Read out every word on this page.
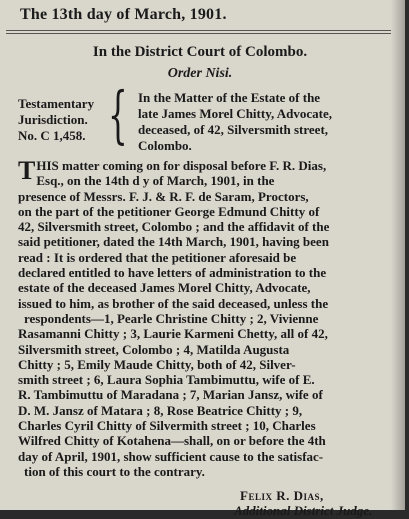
The 13th day of March, 1901.
In the District Court of Colombo.
Order Nisi.
Testamentary
Jurisdiction.
No. C 1,458. { In the Matter of the Estate of the
late James Morel Chitty, Advocate,
deceased, of 42, Silversmith street,
Colombo.
T HIS matter coming on for disposal before F. R. Dias,
Esq., on the 14th d y of March, 1901, in the
presence of Messrs. F. J. & R. F. de Saram, Proctors,
on the part of the petitioner George Edmund Chitty of
42, Silversmith street, Colombo ; and the affidavit of the
said petitioner, dated the 14th March, 1901, having been
read : It is ordered that the petitioner aforesaid be
declared entitled to have letters of administration to the
estate of the deceased James Morel Chitty, Advocate,
issued to him, as brother of the said deceased, unless the
respondents—1, Pearle Christine Chitty ; 2, Vivienne
Rasamanni Chitty ; 3, Laurie Karmeni Chetty, all of 42,
Silversmith street, Colombo ; 4, Matilda Augusta
Chitty ; 5, Emily Maude Chitty, both of 42, Silver-
smith street ; 6, Laura Sophia Tambimuttu, wife of E.
R. Tambimuttu of Maradana ; 7, Marian Jansz, wife of
D. M. Jansz of Matara ; 8, Rose Beatrice Chitty ; 9,
Charles Cyril Chitty of Silvermith street ; 10, Charles
Wilfred Chitty of Kotahena—shall, on or before the 4th
day of April, 1901, show sufficient cause to the satisfac-
tion of this court to the contrary.
Felix R. Dias,
Additional District Judge.
